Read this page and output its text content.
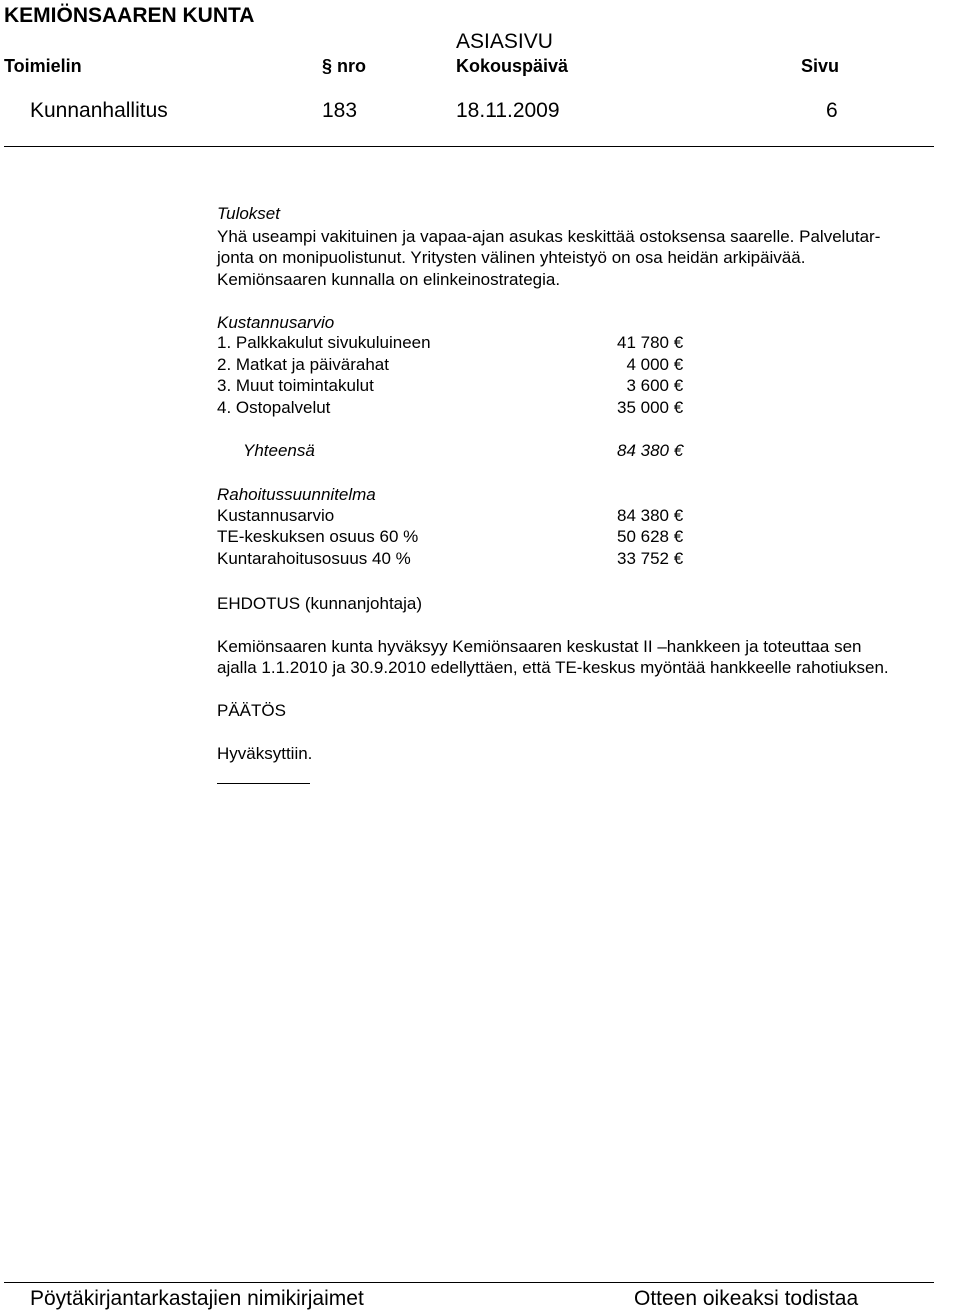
KEMIÖNSAAREN KUNTA
ASIASIVU
Toimielin	§ nro	Kokouspäivä	Sivu
Kunnanhallitus	183	18.11.2009	6
Tulokset
Yhä useampi vakituinen ja vapaa-ajan asukas keskittää ostoksensa saarelle. Palvelutar-
jonta on monipuolistunut. Yritysten välinen yhteistyö on osa heidän arkipäivää.
Kemiönsaaren kunnalla on elinkeinostrategia.
Kustannusarvio
1. Palkkakulut sivukuluineen	41 780 €
2. Matkat ja päivärahat	4 000 €
3. Muut toimintakulut	3 600 €
4. Ostopalvelut	35 000 €
Yhteensä	84 380 €
Rahoitussuunnitelma
Kustannusarvio	84 380 €
TE-keskuksen osuus 60 %	50 628 €
Kuntarahoitusosuus 40 %	33 752 €
EHDOTUS (kunnanjohtaja)
Kemiönsaaren kunta hyväksyy Kemiönsaaren keskustat II –hankkeen ja toteuttaa sen
ajalla 1.1.2010 ja 30.9.2010 edellyttäen, että TE-keskus myöntää hankkeelle rahotiuksen.
PÄÄTÖS
Hyväksyttiin.
Pöytäkirjantarkastajien nimikirjaimet	Otteen oikeaksi todistaa
